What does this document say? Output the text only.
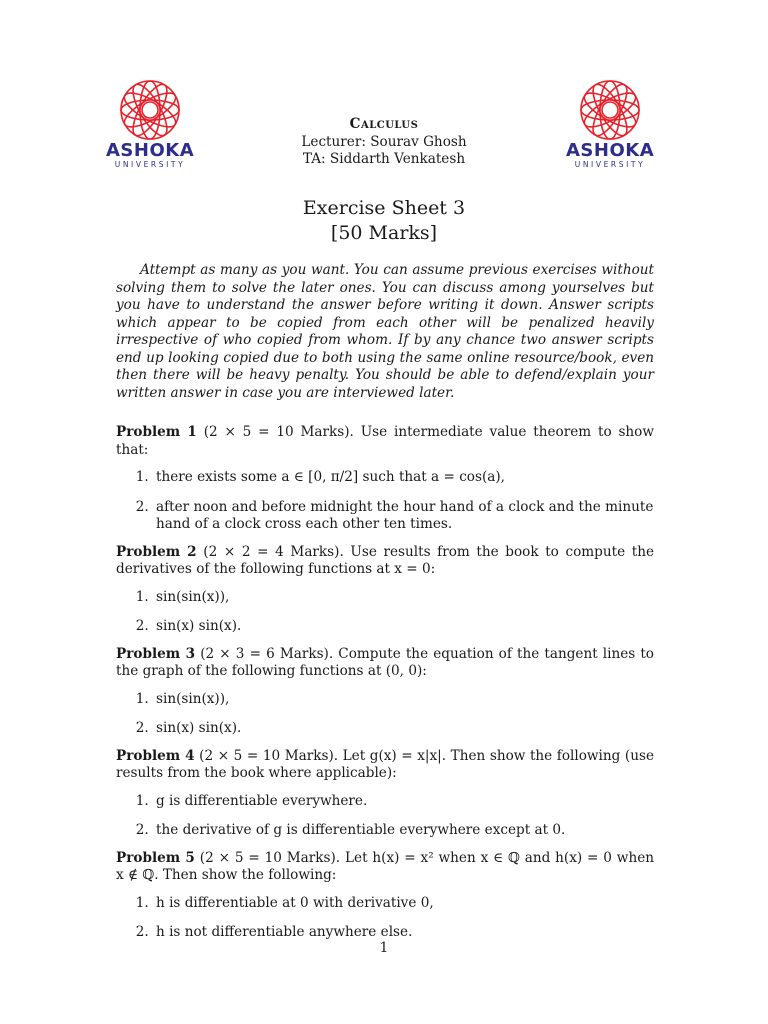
ASHOKA
UNIVERSITY
ASHOKA
UNIVERSITY
Calculus
Lecturer: Sourav Ghosh
TA: Siddarth Venkatesh
Exercise Sheet 3
[50 Marks]
Attempt as many as you want. You can assume previous exercises without solving them to solve the later ones. You can discuss among yourselves but you have to understand the answer before writing it down. Answer scripts which appear to be copied from each other will be penalized heavily irrespective of who copied from whom. If by any chance two answer scripts end up looking copied due to both using the same online resource/book, even then there will be heavy penalty. You should be able to defend/explain your written answer in case you are interviewed later.

Problem 1 (2 × 5 = 10 Marks). Use intermediate value theorem to show that:

1. there exists some a ∈ [0, π/2] such that a = cos(a),
2. after noon and before midnight the hour hand of a clock and the minute hand of a clock cross each other ten times.

Problem 2 (2 × 2 = 4 Marks). Use results from the book to compute the derivatives of the following functions at x = 0:

1. sin(sin(x)),
2. sin(x) sin(x).

Problem 3 (2 × 3 = 6 Marks). Compute the equation of the tangent lines to the graph of the following functions at (0, 0):

1. sin(sin(x)),
2. sin(x) sin(x).

Problem 4 (2 × 5 = 10 Marks). Let g(x) = x|x|. Then show the following (use results from the book where applicable):

1. g is differentiable everywhere.
2. the derivative of g is differentiable everywhere except at 0.

Problem 5 (2 × 5 = 10 Marks). Let h(x) = x² when x ∈ ℚ and h(x) = 0 when x ∉ ℚ. Then show the following:

1. h is differentiable at 0 with derivative 0,
2. h is not differentiable anywhere else.
1
